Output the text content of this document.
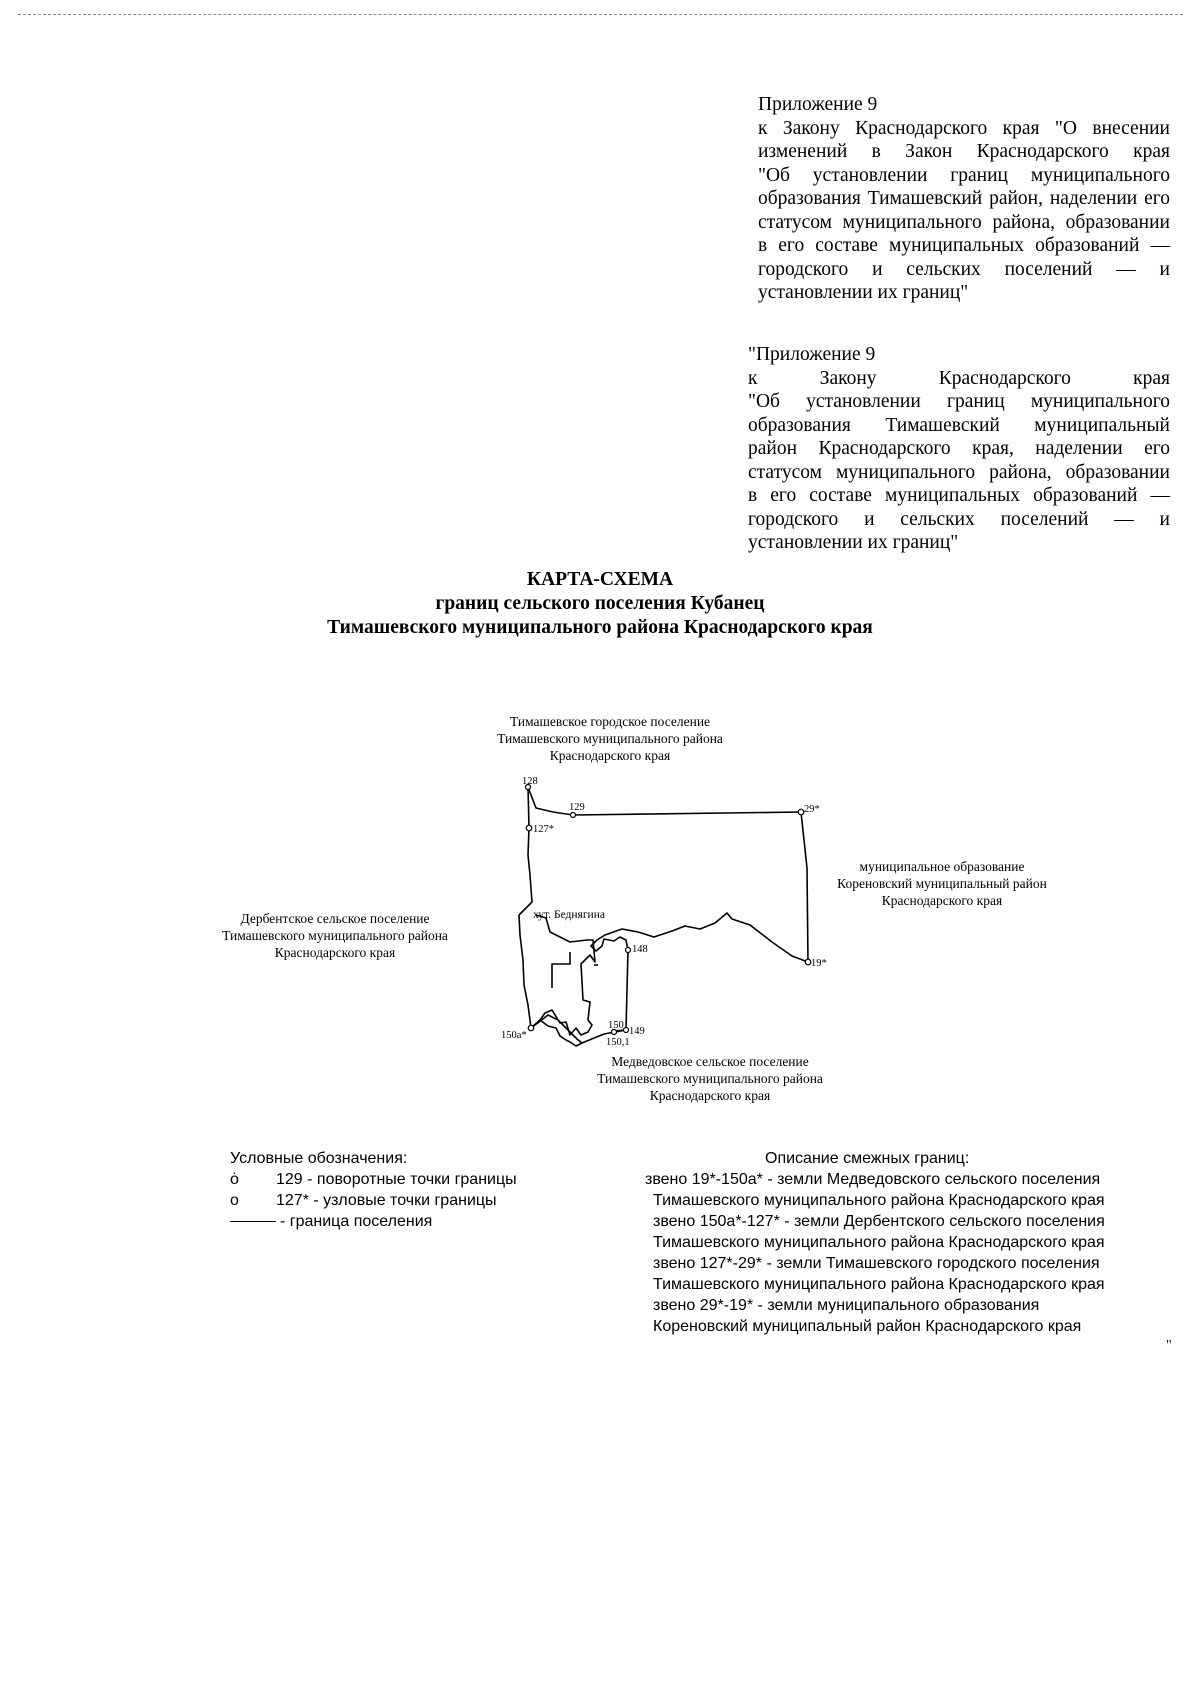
Приложение 9
к Закону Краснодарского края "О внесении
изменений в Закон Краснодарского края
"Об установлении границ муниципального
образования Тимашевский район, наделении его
статусом муниципального района, образовании
в его составе муниципальных образований —
городского и сельских поселений — и
установлении их границ"
"Приложение 9
к Закону Краснодарского края
"Об установлении границ муниципального
образования Тимашевский муниципальный
район Краснодарского края, наделении его
статусом муниципального района, образовании
в его составе муниципальных образований —
городского и сельских поселений — и
установлении их границ"
КАРТА-СХЕМА
границ сельского поселения Кубанец
Тимашевского муниципального района Краснодарского края
128
129	29*
127*
148
19*
150
149
150а*
150,1
хут. Беднягина
Тимашевское городское поселение
Тимашевского муниципального района
Краснодарского края
муниципальное образование
Кореновский муниципальный район
Краснодарского края
Дербентское сельское поселение
Тимашевского муниципального района
Краснодарского края
Медведовское сельское поселение
Тимашевского муниципального района
Краснодарского края
Условные обозначения:
ȯ 129 - поворотные точки границы
o 127* - узловые точки границы
- граница поселения
Описание смежных границ:
звено 19*-150а* - земли Медведовского сельского поселения
Тимашевского муниципального района Краснодарского края
звено 150а*-127* - земли Дербентского сельского поселения
Тимашевского муниципального района Краснодарского края
звено 127*-29* - земли Тимашевского городского поселения
Тимашевского муниципального района Краснодарского края
звено 29*-19* - земли муниципального образования
Кореновский муниципальный район Краснодарского края
"
